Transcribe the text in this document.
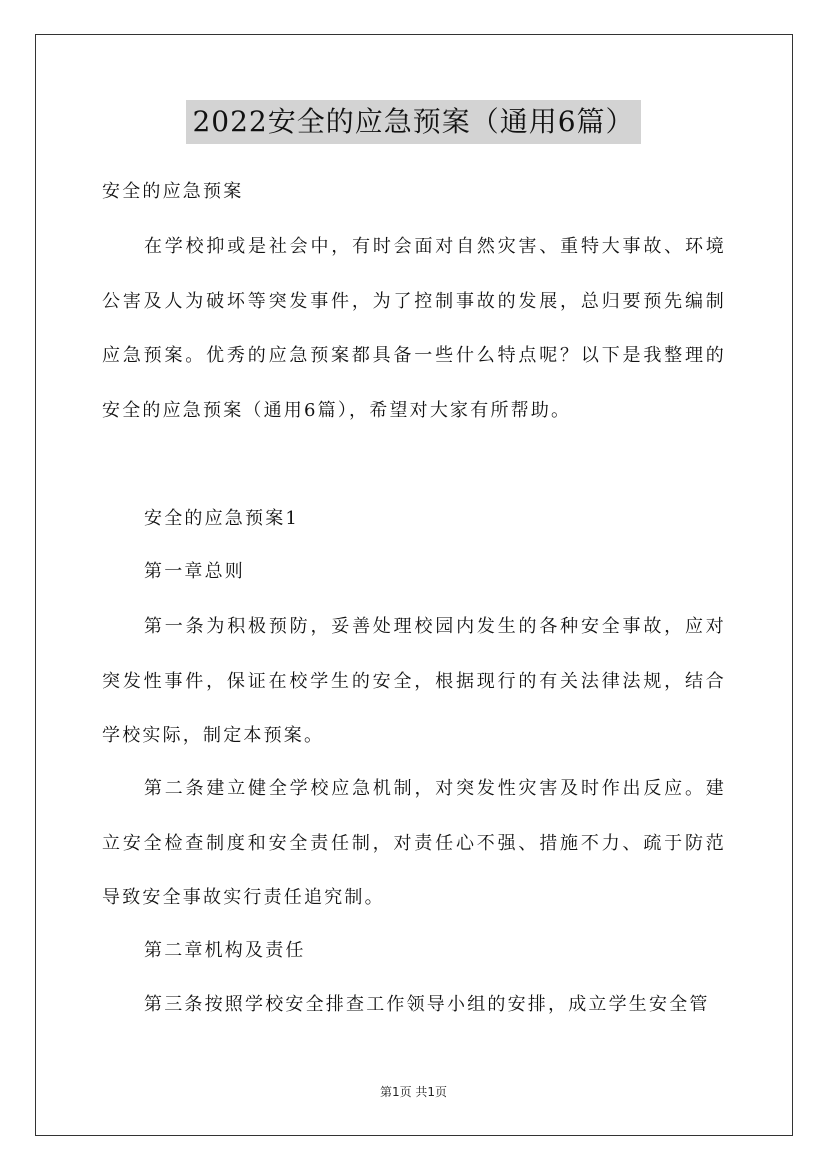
2022安全的应急预案（通用6篇）
安全的应急预案
在学校抑或是社会中，有时会面对自然灾害、重特大事故、环境公害及人为破坏等突发事件，为了控制事故的发展，总归要预先编制应急预案。优秀的应急预案都具备一些什么特点呢？以下是我整理的安全的应急预案（通用6篇），希望对大家有所帮助。
安全的应急预案1
第一章总则
第一条为积极预防，妥善处理校园内发生的各种安全事故，应对突发性事件，保证在校学生的安全，根据现行的有关法律法规，结合学校实际，制定本预案。
第二条建立健全学校应急机制，对突发性灾害及时作出反应。建立安全检查制度和安全责任制，对责任心不强、措施不力、疏于防范导致安全事故实行责任追究制。
第二章机构及责任
第三条按照学校安全排查工作领导小组的安排，成立学生安全管
第1页 共1页
